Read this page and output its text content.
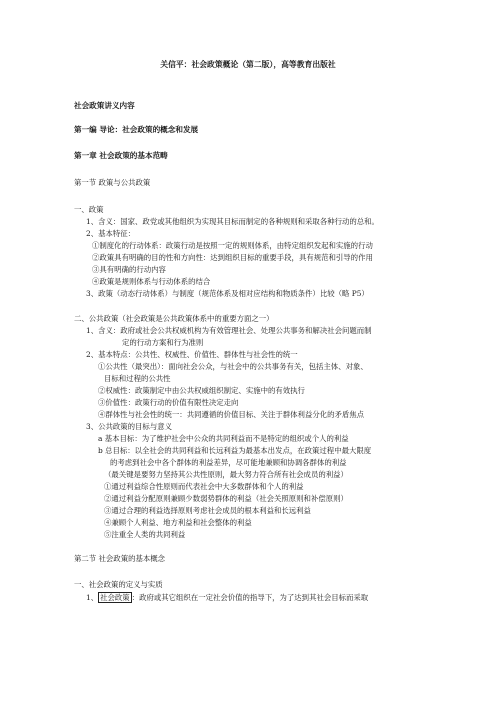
关信平：社会政策概论（第二版），高等教育出版社
社会政策讲义内容
第一编 导论：社会政策的概念和发展
第一章 社会政策的基本范畴
第一节 政策与公共政策
一、政策
1、含义：国家、政党或其他组织为实现其目标而制定的各种规则和采取各种行动的总和。
2、基本特征：
①制度化的行动体系：政策行动是按照一定的规则体系，由特定组织发起和实施的行动
②政策具有明确的目的性和方向性：达到组织目标的重要手段，具有规范和引导的作用
③具有明确的行动内容
④政策是规则体系与行动体系的结合
3、政策（动态行动体系）与制度（规范体系及相对应结构和物质条件）比较（略 P5）
二、公共政策（社会政策是公共政策体系中的重要方面之一）
1、含义：政府或社会公共权威机构为有效管理社会、处理公共事务和解决社会问题而制
定的行动方案和行为准则
2、基本特点：公共性、权威性、价值性、群体性与社会性的统一
①公共性（最突出）：面向社会公众，与社会中的公共事务有关，包括主体、对象、
目标和过程的公共性
②权威性：政策制定中由公共权威组织制定、实施中的有效执行
③价值性：政策行动的价值有限性决定走向
④群体性与社会性的统一：共同遵循的价值目标、关注于群体利益分化的矛盾焦点
3、公共政策的目标与意义
a 基本目标：为了维护社会中公众的共同利益而不是特定的组织或个人的利益
b 总目标：以全社会的共同利益和长远利益为最基本出发点，在政策过程中最大限度
的考虑到社会中各个群体的利益差异，尽可能地兼顾和协调各群体的利益
（最关键是要努力坚持其公共性原则，最大努力符合所有社会成员的利益）
①通过利益综合性原则而代表社会中大多数群体和个人的利益
②通过利益分配原则兼顾少数弱势群体的利益（社会关照原则和补偿原则）
③通过合理的利益选择原则考虑社会成员的根本利益和长远利益
④兼顾个人利益、地方利益和社会整体的利益
⑤注重全人类的共同利益
第二节 社会政策的基本概念
一、社会政策的定义与实质
1、 社会政策 ：政府或其它组织在一定社会价值的指导下，为了达到其社会目标而采取
